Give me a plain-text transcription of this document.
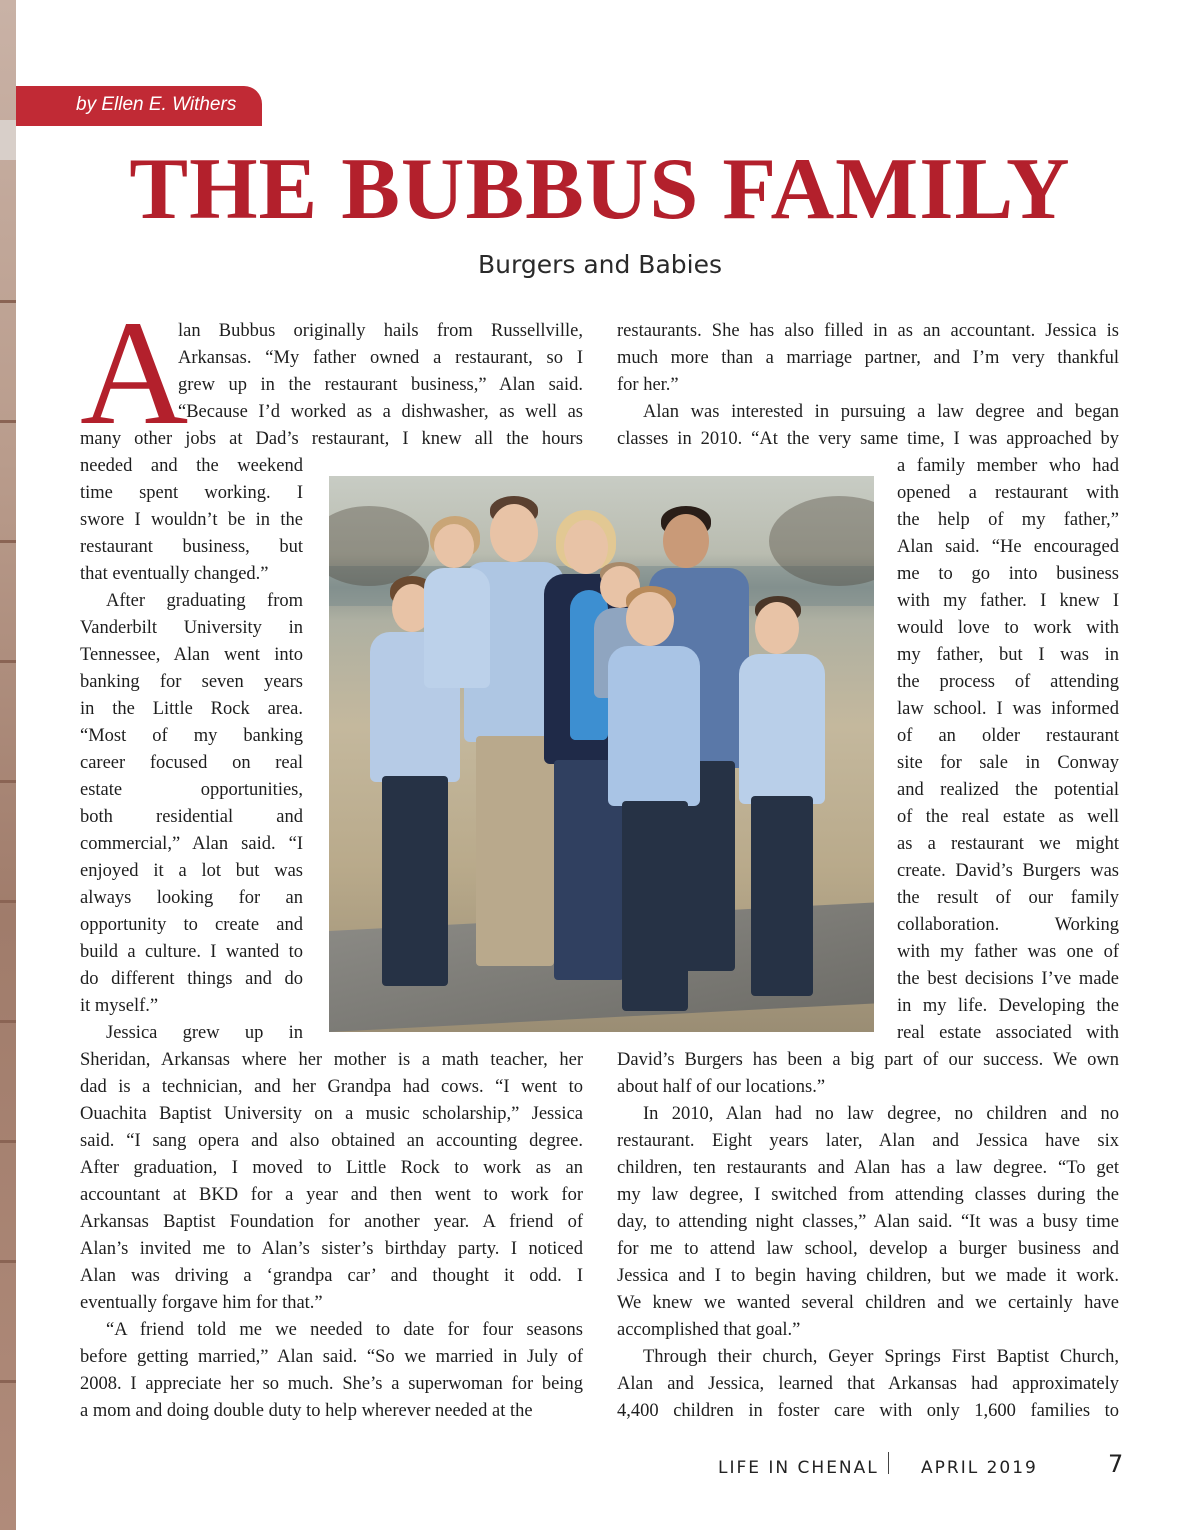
by Ellen E. Withers
THE BUBBUS FAMILY
Burgers and Babies
A
lan Bubbus originally hails from Russellville,
Arkansas. “My father owned a restaurant, so I
grew up in the restaurant business,” Alan said.
“Because I’d worked as a dishwasher, as well as
many other jobs at Dad’s restaurant, I knew all the hours
needed and the weekend
time spent working. I
swore I wouldn’t be in the
restaurant business, but
that eventually changed.”
After graduating from
Vanderbilt University in
Tennessee, Alan went into
banking for seven years
in the Little Rock area.
“Most of my banking
career focused on real
estate opportunities,
both residential and
commercial,” Alan said. “I
enjoyed it a lot but was
always looking for an
opportunity to create and
build a culture. I wanted to
do different things and do
it myself.”
Jessica grew up in
Sheridan, Arkansas where her mother is a math teacher, her
dad is a technician, and her Grandpa had cows. “I went to
Ouachita Baptist University on a music scholarship,” Jessica
said. “I sang opera and also obtained an accounting degree.
After graduation, I moved to Little Rock to work as an
accountant at BKD for a year and then went to work for
Arkansas Baptist Foundation for another year. A friend of
Alan’s invited me to Alan’s sister’s birthday party. I noticed
Alan was driving a ‘grandpa car’ and thought it odd. I
eventually forgave him for that.”
“A friend told me we needed to date for four seasons
before getting married,” Alan said. “So we married in July of
2008. I appreciate her so much. She’s a superwoman for being
a mom and doing double duty to help wherever needed at the
restaurants. She has also filled in as an accountant. Jessica is
much more than a marriage partner, and I’m very thankful
for her.”
Alan was interested in pursuing a law degree and began
classes in 2010. “At the very same time, I was approached by
a family member who had
opened a restaurant with
the help of my father,”
Alan said. “He encouraged
me to go into business
with my father. I knew I
would love to work with
my father, but I was in
the process of attending
law school. I was informed
of an older restaurant
site for sale in Conway
and realized the potential
of the real estate as well
as a restaurant we might
create. David’s Burgers was
the result of our family
collaboration. Working
with my father was one of
the best decisions I’ve made
in my life. Developing the
real estate associated with
David’s Burgers has been a big part of our success. We own
about half of our locations.”
In 2010, Alan had no law degree, no children and no
restaurant. Eight years later, Alan and Jessica have six
children, ten restaurants and Alan has a law degree. “To get
my law degree, I switched from attending classes during the
day, to attending night classes,” Alan said. “It was a busy time
for me to attend law school, develop a burger business and
Jessica and I to begin having children, but we made it work.
We knew we wanted several children and we certainly have
accomplished that goal.”
Through their church, Geyer Springs First Baptist Church,
Alan and Jessica, learned that Arkansas had approximately
4,400 children in foster care with only 1,600 families to
LIFE IN CHENAL APRIL 2019	7
